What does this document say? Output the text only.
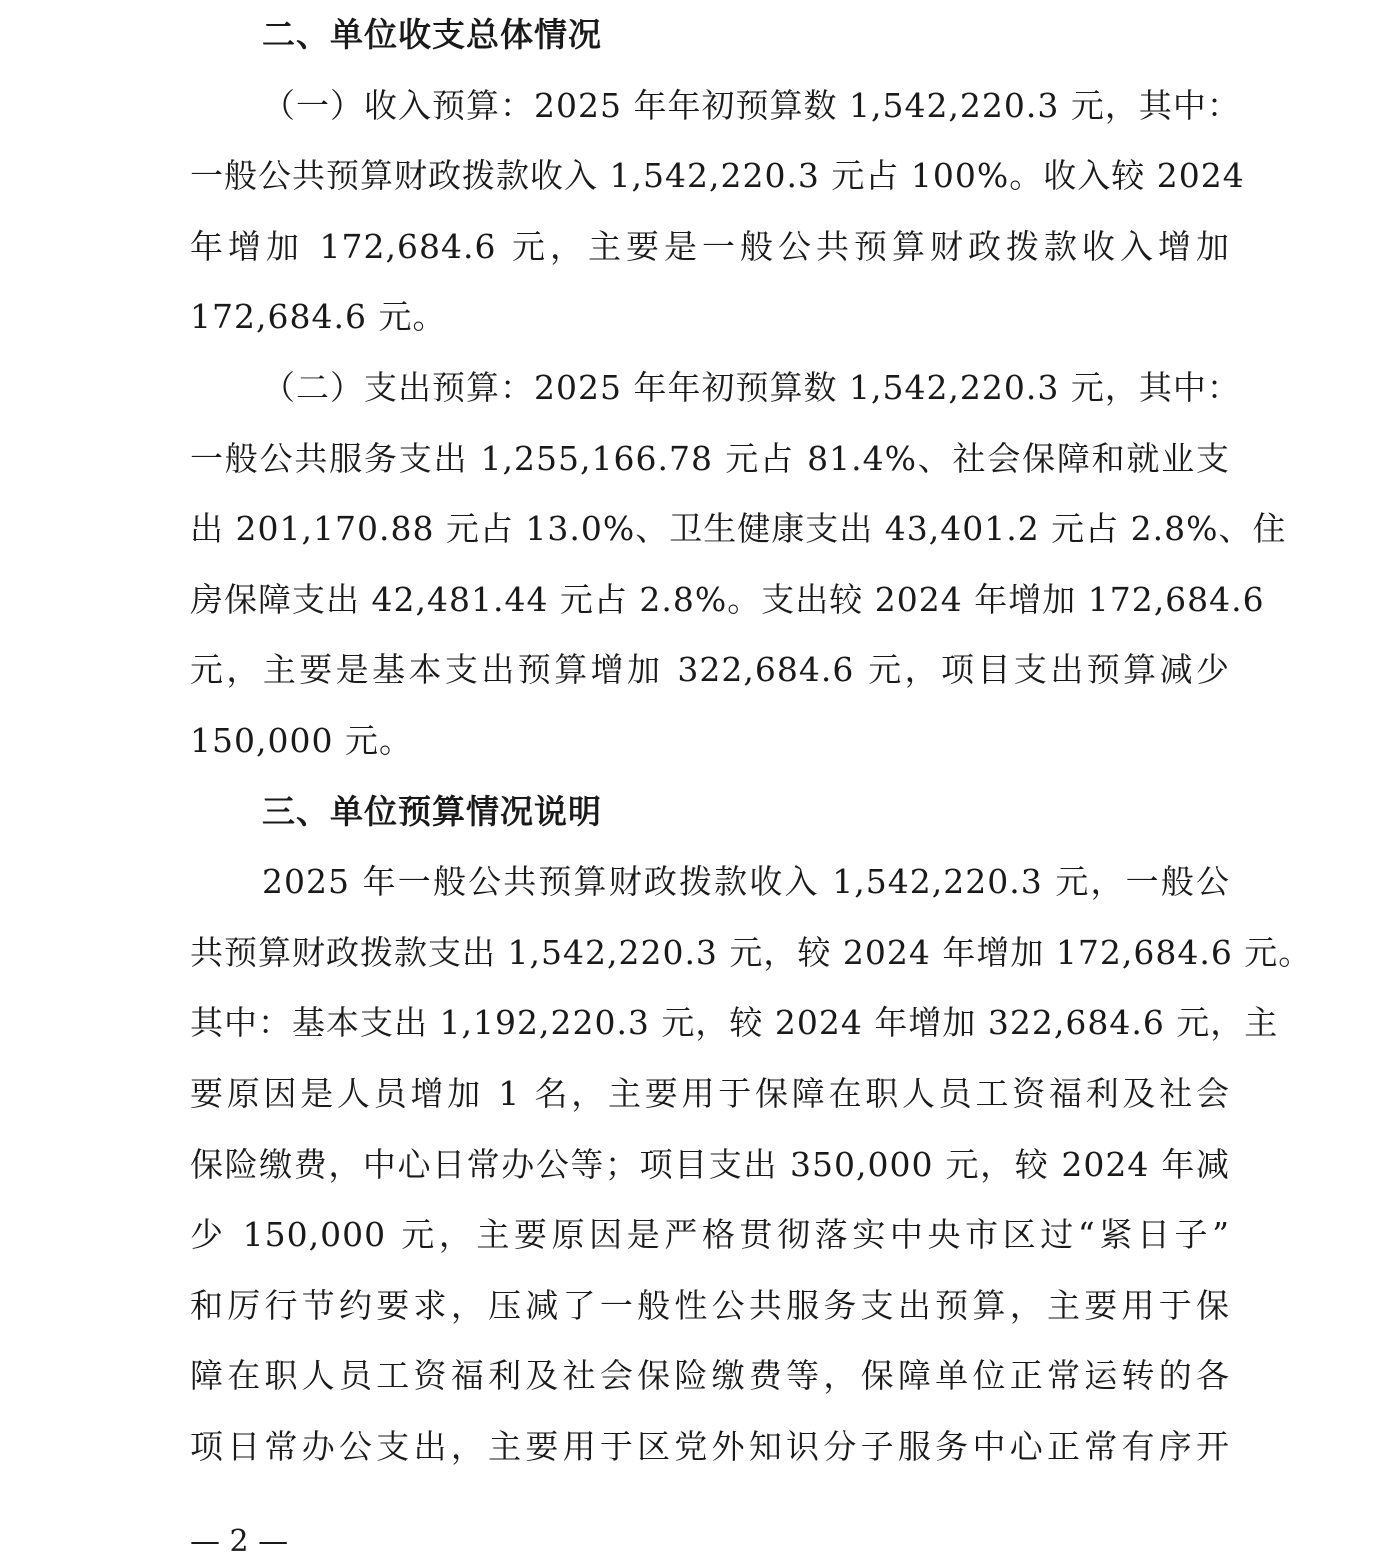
二、单位收支总体情况
（一）收入预算：2025 年年初预算数 1,542,220.3 元，其中：
一般公共预算财政拨款收入 1,542,220.3 元占 100%。收入较 2024
年增加 172,684.6 元，主要是一般公共预算财政拨款收入增加
172,684.6 元。
（二）支出预算：2025 年年初预算数 1,542,220.3 元，其中：
一般公共服务支出 1,255,166.78 元占 81.4%、社会保障和就业支
出 201,170.88 元占 13.0%、卫生健康支出 43,401.2 元占 2.8%、住
房保障支出 42,481.44 元占 2.8%。支出较 2024 年增加 172,684.6
元，主要是基本支出预算增加 322,684.6 元，项目支出预算减少
150,000 元。
三、单位预算情况说明
2025 年一般公共预算财政拨款收入 1,542,220.3 元，一般公
共预算财政拨款支出 1,542,220.3 元，较 2024 年增加 172,684.6 元。
其中：基本支出 1,192,220.3 元，较 2024 年增加 322,684.6 元，主
要原因是人员增加 1 名，主要用于保障在职人员工资福利及社会
保险缴费，中心日常办公等；项目支出 350,000 元，较 2024 年减
少 150,000 元，主要原因是严格贯彻落实中央市区过“紧日子”
和厉行节约要求，压减了一般性公共服务支出预算，主要用于保
障在职人员工资福利及社会保险缴费等，保障单位正常运转的各
项日常办公支出，主要用于区党外知识分子服务中心正常有序开
— 2 —
